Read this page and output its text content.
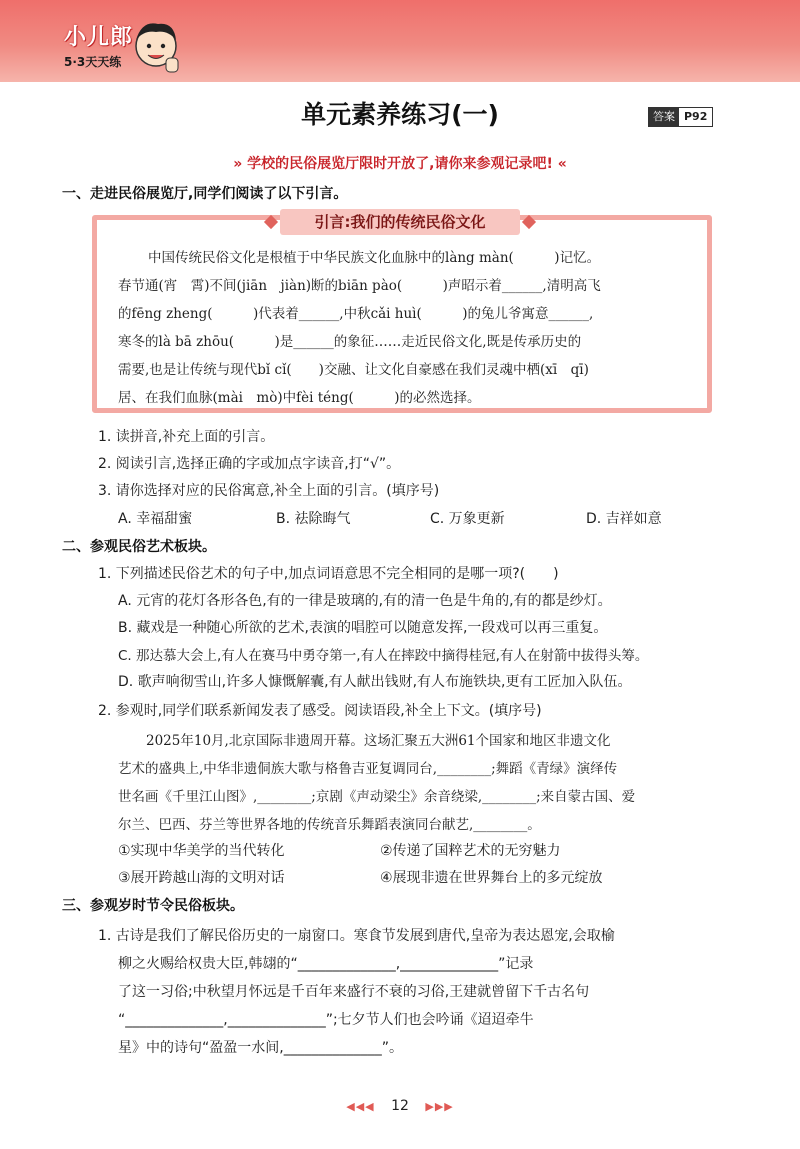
小儿郎
5·3天天练
单元素养练习(一)	答案 P92
» 学校的民俗展览厅限时开放了,请你来参观记录吧! «
一、走进民俗展览厅,同学们阅读了以下引言。
引言:我们的传统民俗文化
中国传统民俗文化是根植于中华民族文化血脉中的làng màn(　　　)记忆。
春节通(宵　霄)不间(jiān　jiàn)断的biān pào(　　　)声昭示着______,清明高飞
的fēng zheng(　　　)代表着______,中秋cǎi huì(　　　)的兔儿爷寓意______,
寒冬的là bā zhōu(　　　)是______的象征……走近民俗文化,既是传承历史的
需要,也是让传统与现代bǐ cǐ(　　)交融、让文化自豪感在我们灵魂中栖(xī　qī)
居、在我们血脉(mài　mò)中fèi téng(　　　)的必然选择。
1. 读拼音,补充上面的引言。
2. 阅读引言,选择正确的字或加点字读音,打“√”。
3. 请你选择对应的民俗寓意,补全上面的引言。(填序号)
A. 幸福甜蜜	B. 祛除晦气	C. 万象更新	D. 吉祥如意
二、参观民俗艺术板块。
1. 下列描述民俗艺术的句子中,加点词语意思不完全相同的是哪一项?(　　)
A. 元宵的花灯各形各色,有的一律是玻璃的,有的清一色是牛角的,有的都是纱灯。
B. 藏戏是一种随心所欲的艺术,表演的唱腔可以随意发挥,一段戏可以再三重复。
C. 那达慕大会上,有人在赛马中勇夺第一,有人在摔跤中摘得桂冠,有人在射箭中拔得头筹。
D. 歌声响彻雪山,许多人慷慨解囊,有人献出钱财,有人布施铁块,更有工匠加入队伍。
2. 参观时,同学们联系新闻发表了感受。阅读语段,补全上下文。(填序号)
2025年10月,北京国际非遗周开幕。这场汇聚五大洲61个国家和地区非遗文化
艺术的盛典上,中华非遗侗族大歌与格鲁吉亚复调同台,________;舞蹈《青绿》演绎传
世名画《千里江山图》,________;京剧《声动梁尘》余音绕梁,________;来自蒙古国、爱
尔兰、巴西、芬兰等世界各地的传统音乐舞蹈表演同台献艺,________。
①实现中华美学的当代转化	②传递了国粹艺术的无穷魅力
③展开跨越山海的文明对话	④展现非遗在世界舞台上的多元绽放
三、参观岁时节令民俗板块。
1. 古诗是我们了解民俗历史的一扇窗口。寒食节发展到唐代,皇帝为表达恩宠,会取榆
柳之火赐给权贵大臣,韩翃的“______________,______________”记录
了这一习俗;中秋望月怀远是千百年来盛行不衰的习俗,王建就曾留下千古名句
“______________,______________”;七夕节人们也会吟诵《迢迢牵牛
星》中的诗句“盈盈一水间,______________”。
◀◀◀ 12 ▶▶▶
